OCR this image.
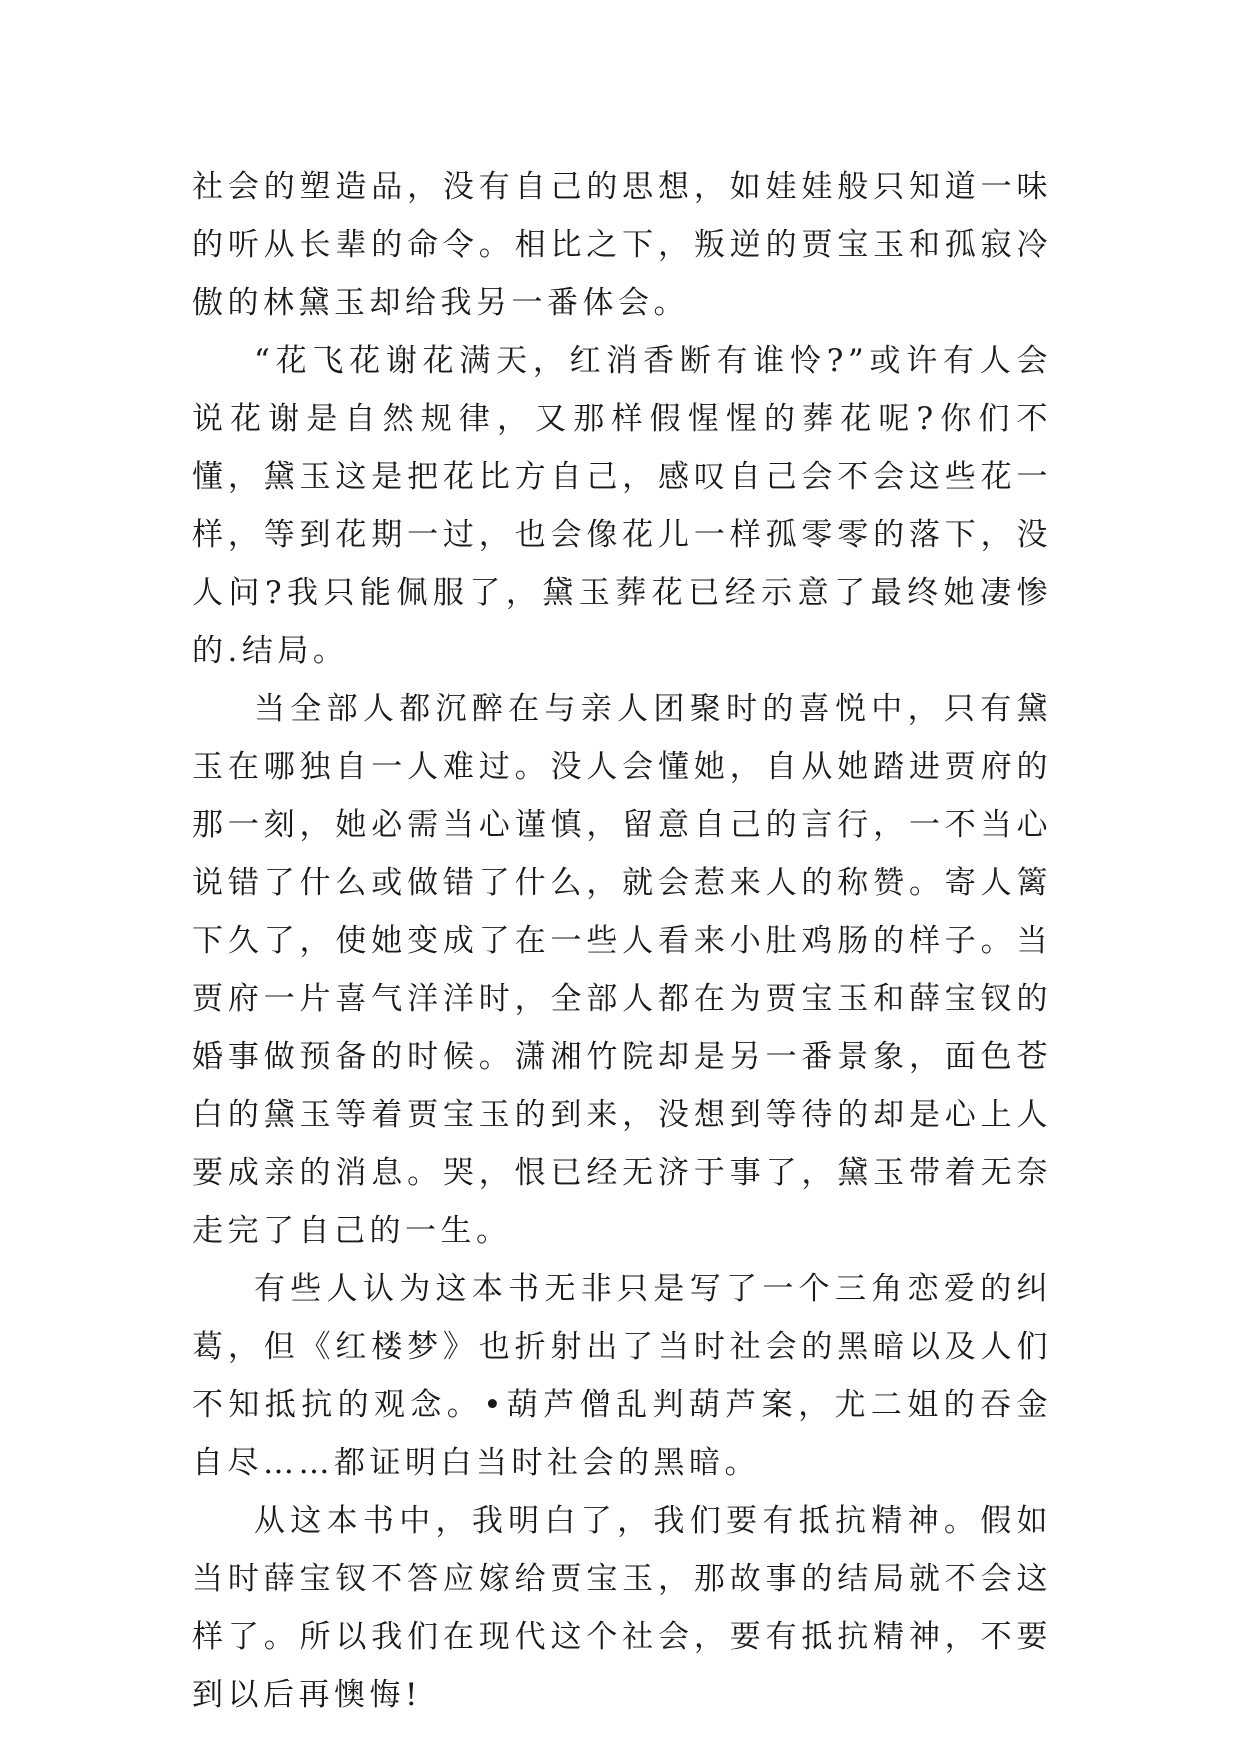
社会的塑造品，没有自己的思想，如娃娃般只知道一味的听从长辈的命令。相比之下，叛逆的贾宝玉和孤寂冷傲的林黛玉却给我另一番体会。

“花飞花谢花满天，红消香断有谁怜?”或许有人会说花谢是自然规律，又那样假惺惺的葬花呢?你们不懂，黛玉这是把花比方自己，感叹自己会不会这些花一样，等到花期一过，也会像花儿一样孤零零的落下，没人问?我只能佩服了，黛玉葬花已经示意了最终她凄惨的.结局。

当全部人都沉醉在与亲人团聚时的喜悦中，只有黛玉在哪独自一人难过。没人会懂她，自从她踏进贾府的那一刻，她必需当心谨慎，留意自己的言行，一不当心说错了什么或做错了什么，就会惹来人的称赞。寄人篱下久了，使她变成了在一些人看来小肚鸡肠的样子。当贾府一片喜气洋洋时，全部人都在为贾宝玉和薛宝钗的婚事做预备的时候。潇湘竹院却是另一番景象，面色苍白的黛玉等着贾宝玉的到来，没想到等待的却是心上人要成亲的消息。哭，恨已经无济于事了，黛玉带着无奈走完了自己的一生。

有些人认为这本书无非只是写了一个三角恋爱的纠葛，但《红楼梦》也折射出了当时社会的黑暗以及人们不知抵抗的观念。•葫芦僧乱判葫芦案，尤二姐的吞金自尽……都证明白当时社会的黑暗。

从这本书中，我明白了，我们要有抵抗精神。假如当时薛宝钗不答应嫁给贾宝玉，那故事的结局就不会这样了。所以我们在现代这个社会，要有抵抗精神，不要到以后再懊悔!
